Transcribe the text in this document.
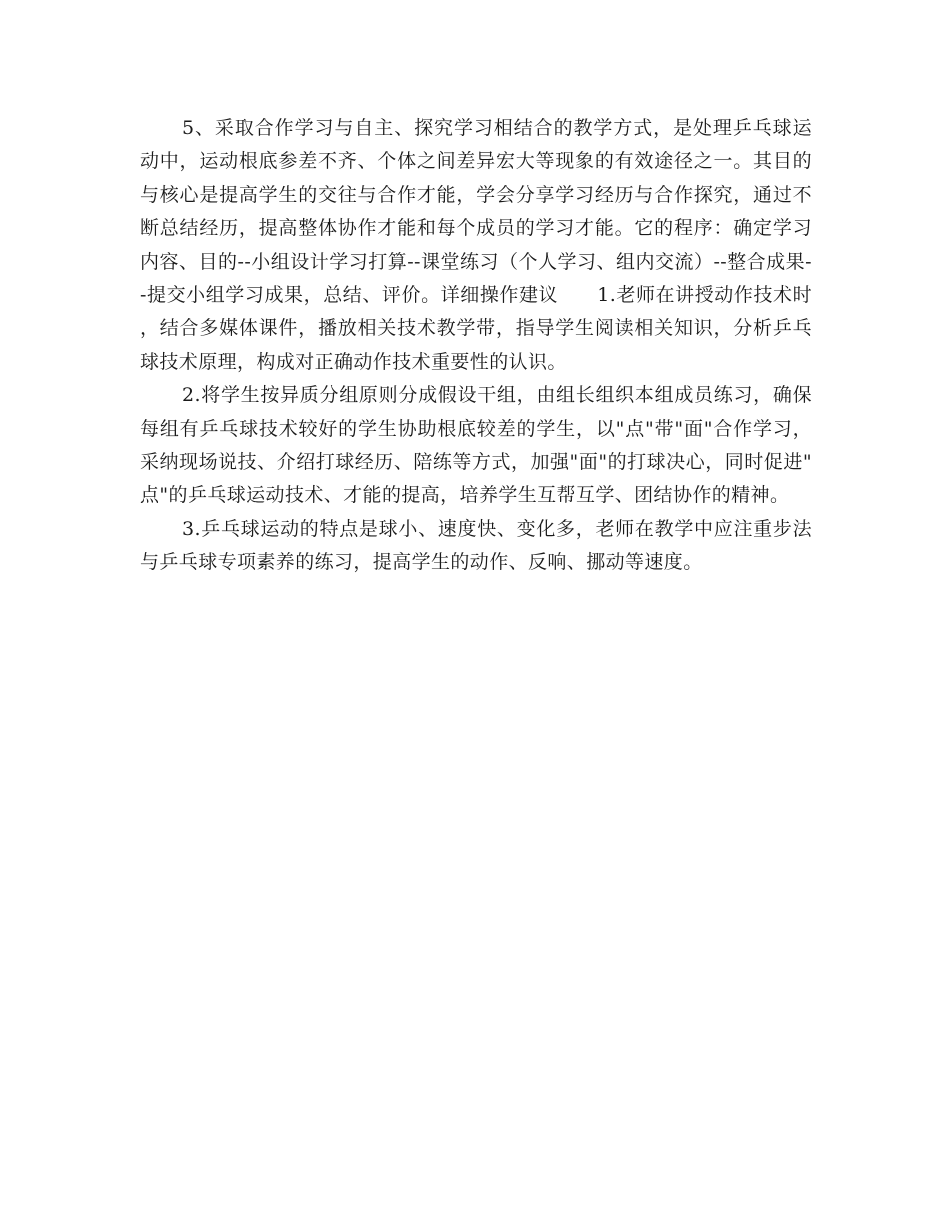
5、采取合作学习与自主、探究学习相结合的教学方式，是处理乒乓球运动中，运动根底参差不齐、个体之间差异宏大等现象的有效途径之一。其目的与核心是提高学生的交往与合作才能，学会分享学习经历与合作探究，通过不断总结经历，提高整体协作才能和每个成员的学习才能。它的程序：确定学习内容、目的--小组设计学习打算--课堂练习（个人学习、组内交流）--整合成果--提交小组学习成果，总结、评价。详细操作建议　　1.老师在讲授动作技术时，结合多媒体课件，播放相关技术教学带，指导学生阅读相关知识，分析乒乓球技术原理，构成对正确动作技术重要性的认识。

2.将学生按异质分组原则分成假设干组，由组长组织本组成员练习，确保每组有乒乓球技术较好的学生协助根底较差的学生，以"点"带"面"合作学习，采纳现场说技、介绍打球经历、陪练等方式，加强"面"的打球决心，同时促进"点"的乒乓球运动技术、才能的提高，培养学生互帮互学、团结协作的精神。

3.乒乓球运动的特点是球小、速度快、变化多，老师在教学中应注重步法与乒乓球专项素养的练习，提高学生的动作、反响、挪动等速度。
